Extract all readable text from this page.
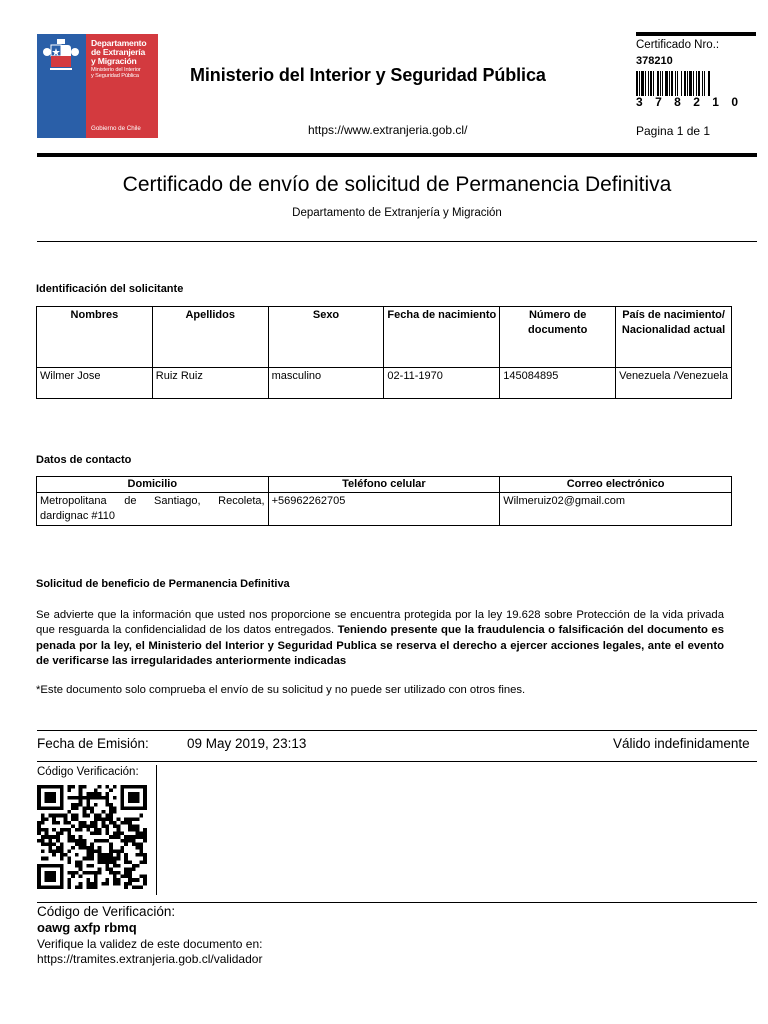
Departamento
de Extranjería
y Migración
Ministerio del Interior
y Seguridad Pública
Gobierno de Chile
Ministerio del Interior y Seguridad Pública
https://www.extranjeria.gob.cl/
Certificado Nro.:
378210
3 7 8 2 1 0
Pagina 1 de 1
Certificado de envío de solicitud de Permanencia Definitiva
Departamento de Extranjería y Migración
Identificación del solicitante
Nombres	Apellidos	Sexo	Fecha de nacimiento	Número de documento	País de nacimiento/ Nacionalidad actual
Wilmer Jose	Ruiz Ruiz	masculino	02-11-1970	145084895	Venezuela /Venezuela
Datos de contacto
Domicilio	Teléfono celular	Correo electrónico
Metropolitana de Santiago, Recoleta, dardignac #110	+56962262705	Wilmeruiz02@gmail.com
Solicitud de beneficio de Permanencia Definitiva
Se advierte que la información que usted nos proporcione se encuentra protegida por la ley 19.628 sobre Protección de la vida privada que resguarda la confidencialidad de los datos entregados. Teniendo presente que la fraudulencia o falsificación del documento es penada por la ley, el Ministerio del Interior y Seguridad Publica se reserva el derecho a ejercer acciones legales, ante el evento de verificarse las irregularidades anteriormente indicadas
*Este documento solo comprueba el envío de su solicitud y no puede ser utilizado con otros fines.
Fecha de Emisión:	09 May 2019, 23:13	Válido indefinidamente
Código Verificación:
Código de Verificación:
oawg axfp rbmq
Verifique la validez de este documento en:
https://tramites.extranjeria.gob.cl/validador
